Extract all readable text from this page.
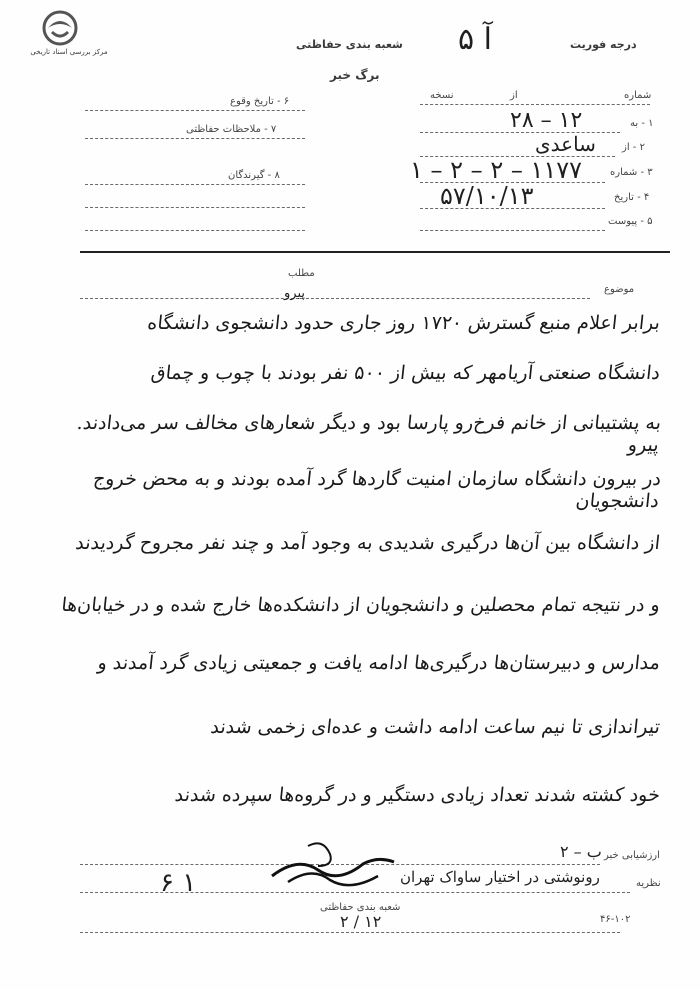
مرکز بررسی اسناد تاریخی
درجه فوریت
شعبه بندی حفاظتی آ ۵
برگ خبر
شماره
از
نسخه
۱ - به
۱۲ – ۲۸
۲ - از
ساعدی
۳ - شماره
۱۱۷۷ – ۲ – ۲ – ۱
۴ - تاریخ
۵۷/۱۰/۱۳
۵ - پیوست
۶ - تاریخ وقوع
۷ - ملاحظات حفاظتی
۸ - گیرندگان
موضوع
مطلب
پیرو
برابر اعلام منبع گسترش ۱۷۲۰ روز جاری حدود دانشجوی دانشگاه
دانشگاه صنعتی آریامهر که بیش از ۵۰۰ نفر بودند با چوب و چماق
به پشتیبانی از خانم فرخ‌رو پارسا بود و دیگر شعارهای مخالف سر می‌دادند. پیرو
در بیرون دانشگاه سازمان امنیت گاردها گرد آمده بودند و به محض خروج دانشجویان
از دانشگاه بین آن‌ها درگیری شدیدی به وجود آمد و چند نفر مجروح گردیدند
و در نتیجه تمام محصلین و دانشجویان از دانشکده‌ها خارج شده و در خیابان‌ها
مدارس و دبیرستان‌ها درگیری‌ها ادامه یافت و جمعیتی زیادی گرد آمدند و
تیراندازی تا نیم ساعت ادامه داشت و عده‌ای زخمی شدند
خود کشته شدند تعداد زیادی دستگیر و در گروه‌ها سپرده شدند
ارزشیابی خبر
ب – ۲
نظریه
رونوشتی در اختیار ساواک تهران
شعبه بندی حفاظتی
۱۲ / ۲	۴۶-۱۰۲
۱ ۶
